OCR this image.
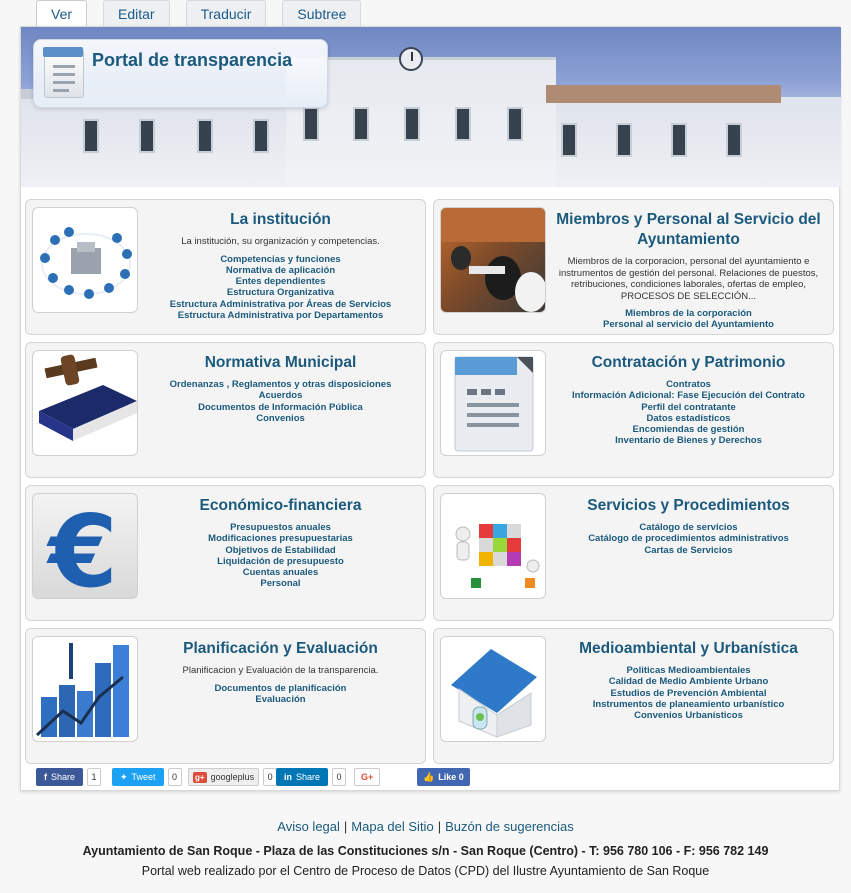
Ver	Editar	Traducir	Subtree
Portal de transparencia
La institución
La institución, su organización y competencias.
Competencias y funciones
Normativa de aplicación
Entes dependientes
Estructura Organizativa
Estructura Administrativa por Áreas de Servicios
Estructura Administrativa por Departamentos
Miembros y Personal al Servicio del Ayuntamiento
Miembros de la corporacion, personal del ayuntamiento e instrumentos de gestión del personal. Relaciones de puestos, retribuciones, condiciones laborales, ofertas de empleo, PROCESOS DE SELECCIÓN...
Miembros de la corporación
Personal al servicio del Ayuntamiento
Normativa Municipal
Ordenanzas , Reglamentos y otras disposiciones
Acuerdos
Documentos de Información Pública
Convenios
Contratación y Patrimonio
Contratos
Información Adicional: Fase Ejecución del Contrato
Perfil del contratante
Datos estadísticos
Encomiendas de gestión
Inventario de Bienes y Derechos
€	Económico-financiera
Presupuestos anuales
Modificaciones presupuestarias
Objetivos de Estabilidad
Liquidación de presupuesto
Cuentas anuales
Personal
Servicios y Procedimientos
Catálogo de servicios
Catálogo de procedimientos administrativos
Cartas de Servicios
Planificación y Evaluación
Planificacion y Evaluación de la transparencia.
Documentos de planificación
Evaluación
Medioambiental y Urbanística
Politicas Medioambientales
Calidad de Medio Ambiente Urbano
Estudios de Prevención Ambiental
Instrumentos de planeamiento urbanístico
Convenios Urbanísticos
f Share	1	✦ Tweet	0	g+ googleplus	0	in Share	0	G+	👍 Like 0
Aviso legal | Mapa del Sitio | Buzón de sugerencias
Ayuntamiento de San Roque - Plaza de las Constituciones s/n - San Roque (Centro) - T: 956 780 106 - F: 956 782 149
Portal web realizado por el Centro de Proceso de Datos (CPD) del Ilustre Ayuntamiento de San Roque
